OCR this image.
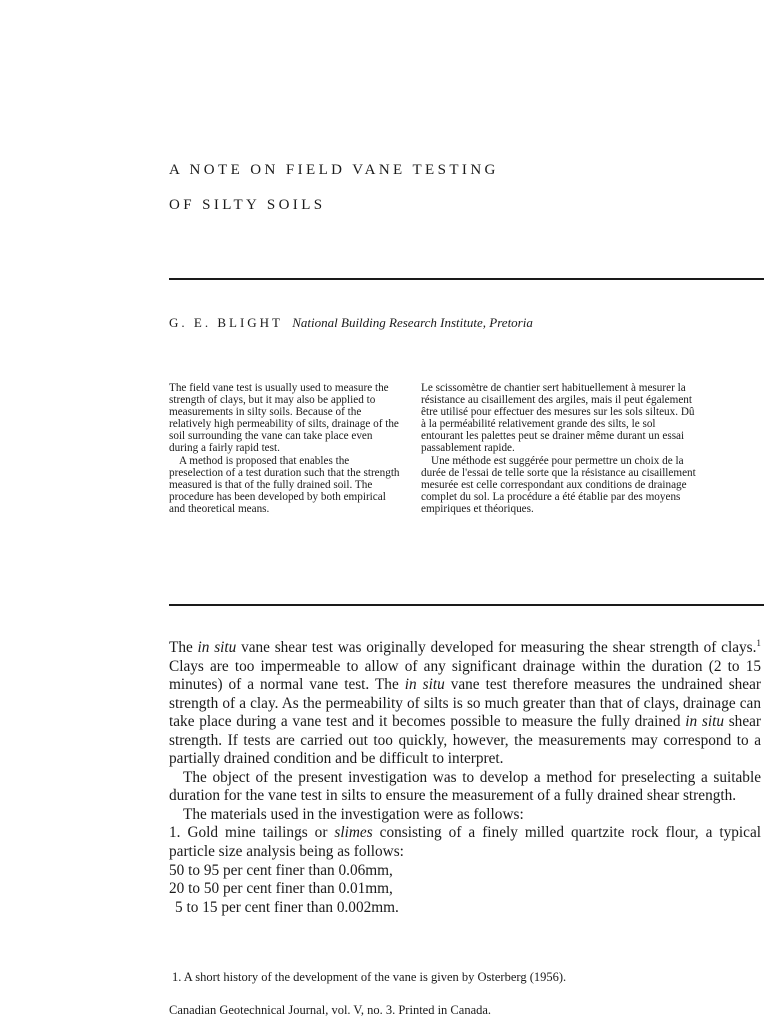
A NOTE ON FIELD VANE TESTING
OF SILTY SOILS
G. E. BLIGHT National Building Research Institute, Pretoria

The field vane test is usually used to measure the strength of clays, but it may also be applied to measurements in silty soils. Because of the relatively high permeability of silts, drainage of the soil surrounding the vane can take place even during a fairly rapid test.

A method is proposed that enables the preselection of a test duration such that the strength measured is that of the fully drained soil. The procedure has been developed by both empirical and theoretical means.

Le scissomètre de chantier sert habituellement à mesurer la résistance au cisaillement des argiles, mais il peut également être utilisé pour effectuer des mesures sur les sols silteux. Dû à la perméabilité relativement grande des silts, le sol entourant les palettes peut se drainer même durant un essai passablement rapide.

Une méthode est suggérée pour permettre un choix de la durée de l'essai de telle sorte que la résistance au cisaillement mesurée est celle correspondant aux conditions de drainage complet du sol. La procédure a été établie par des moyens empiriques et théoriques.

The in situ vane shear test was originally developed for measuring the shear strength of clays.$^1$ Clays are too impermeable to allow of any significant drainage within the duration (2 to 15 minutes) of a normal vane test. The in situ vane test therefore measures the undrained shear strength of a clay. As the permeability of silts is so much greater than that of clays, drainage can take place during a vane test and it becomes possible to measure the fully drained in situ shear strength. If tests are carried out too quickly, however, the measurements may correspond to a partially drained condition and be difficult to interpret.

The object of the present investigation was to develop a method for preselecting a suitable duration for the vane test in silts to ensure the measurement of a fully drained shear strength.

The materials used in the investigation were as follows:

1. Gold mine tailings or slimes consisting of a finely milled quartzite rock flour, a typical particle size analysis being as follows:

50 to 95 per cent finer than 0.06mm,
20 to 50 per cent finer than 0.01mm,
5 to 15 per cent finer than 0.002mm.
1. A short history of the development of the vane is given by Osterberg (1956).
Canadian Geotechnical Journal, vol. V, no. 3. Printed in Canada.
